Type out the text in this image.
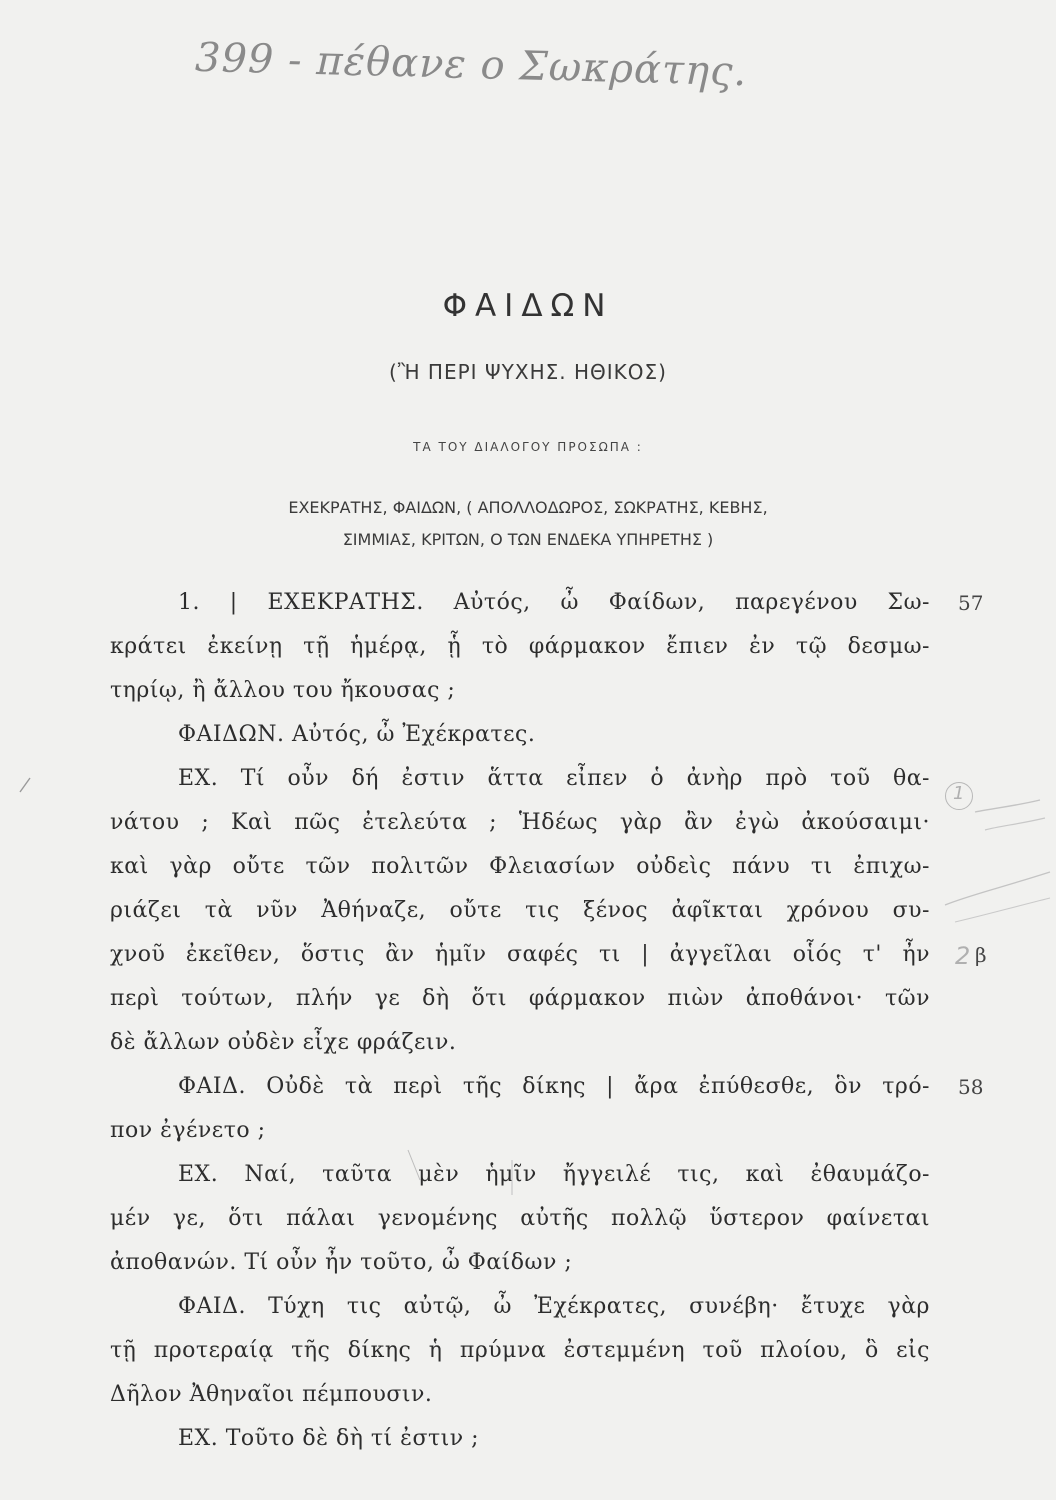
399 - πέθανε ο Σωκράτης.
ΦΑΙΔΩΝ
(Ἢ ΠΕΡΙ ΨΥΧΗΣ. ΗΘΙΚΟΣ)
ΤΑ ΤΟΥ ΔΙΑΛΟΓΟΥ ΠΡΟΣΩΠΑ :
ΕΧΕΚΡΑΤΗΣ, ΦΑΙΔΩΝ, ( ΑΠΟΛΛΟΔΩΡΟΣ, ΣΩΚΡΑΤΗΣ, ΚΕΒΗΣ,
ΣΙΜΜΙΑΣ, ΚΡΙΤΩΝ, Ο ΤΩΝ ΕΝΔΕΚΑ ΥΠΗΡΕΤΗΣ )
1. | ΕΧΕΚΡΑΤΗΣ. Αὐτός, ὦ Φαίδων, παρεγένου Σω-
κράτει ἐκείνῃ τῇ ἡμέρᾳ, ᾗ τὸ φάρμακον ἔπιεν ἐν τῷ δεσμω-
τηρίῳ, ἢ ἄλλου του ἤκουσας ;
ΦΑΙΔΩΝ. Αὐτός, ὦ Ἐχέκρατες.
ΕΧ. Τί οὖν δή ἐστιν ἅττα εἶπεν ὁ ἀνὴρ πρὸ τοῦ θα-
νάτου ; Καὶ πῶς ἐτελεύτα ; Ἡδέως γὰρ ἂν ἐγὼ ἀκούσαιμι·
καὶ γὰρ οὔτε τῶν πολιτῶν Φλειασίων οὐδεὶς πάνυ τι ἐπιχω-
ριάζει τὰ νῦν Ἀθήναζε, οὔτε τις ξένος ἀφῖκται χρόνου συ-
χνοῦ ἐκεῖθεν, ὅστις ἂν ἡμῖν σαφές τι | ἀγγεῖλαι οἷός τ' ἦν
περὶ τούτων, πλήν γε δὴ ὅτι φάρμακον πιὼν ἀποθάνοι· τῶν
δὲ ἄλλων οὐδὲν εἶχε φράζειν.
ΦΑΙΔ. Οὐδὲ τὰ περὶ τῆς δίκης | ἄρα ἐπύθεσθε, ὃν τρό-
πον ἐγένετο ;
ΕΧ. Ναί, ταῦτα μὲν ἡμῖν ἤγγειλέ τις, καὶ ἐθαυμάζο-
μέν γε, ὅτι πάλαι γενομένης αὐτῆς πολλῷ ὕστερον φαίνεται
ἀποθανών. Τί οὖν ἦν τοῦτο, ὦ Φαίδων ;
ΦΑΙΔ. Τύχη τις αὐτῷ, ὦ Ἐχέκρατες, συνέβη· ἔτυχε γὰρ
τῇ προτεραίᾳ τῆς δίκης ἡ πρύμνα ἐστεμμένη τοῦ πλοίου, ὃ εἰς
Δῆλον Ἀθηναῖοι πέμπουσιν.
ΕΧ. Τοῦτο δὲ δὴ τί ἐστιν ;
57
β
58
1
2
